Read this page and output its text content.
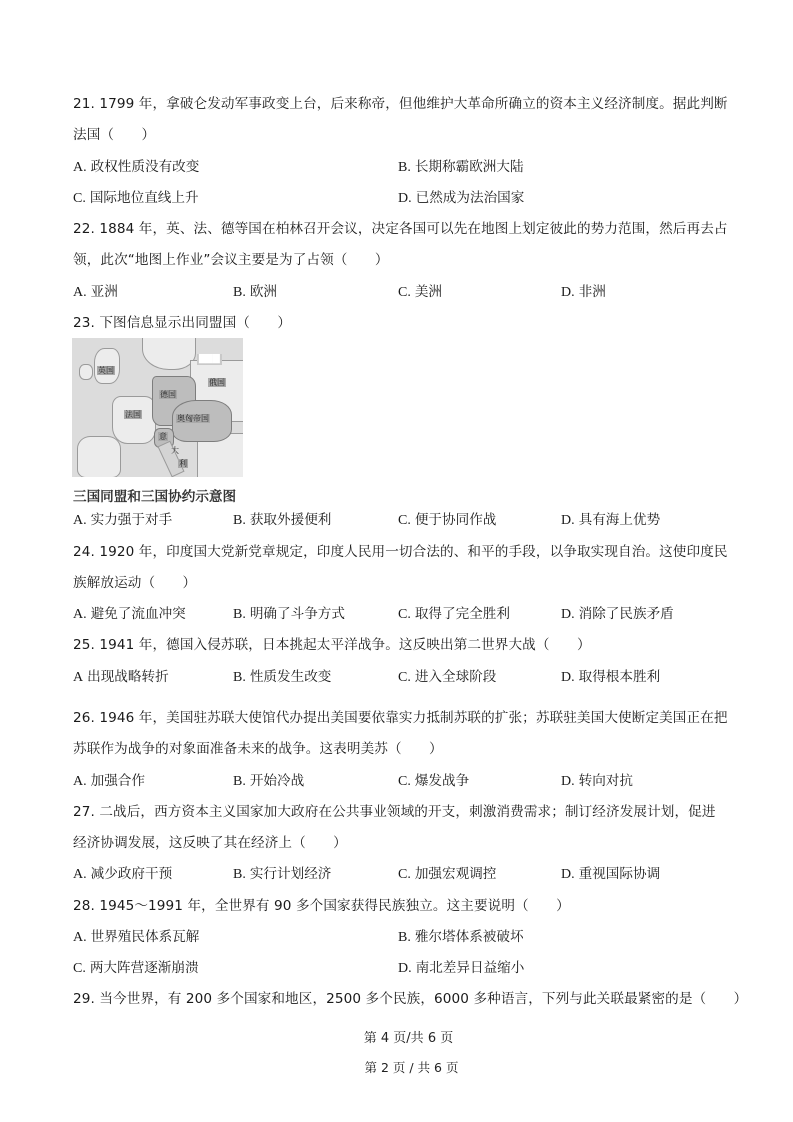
21. 1799 年，拿破仑发动军事政变上台，后来称帝，但他维护大革命所确立的资本主义经济制度。据此判断
法国（　　）
A. 政权性质没有改变	B. 长期称霸欧洲大陆
C. 国际地位直线上升	D. 已然成为法治国家
22. 1884 年，英、法、德等国在柏林召开会议，决定各国可以先在地图上划定彼此的势力范围，然后再去占
领，此次“地图上作业”会议主要是为了占领（　　）
A. 亚洲	B. 欧洲	C. 美洲	D. 非洲
23. 下图信息显示出同盟国（　　）
▇▇▇
英国
法国
德国
奥匈帝国
俄国
意
大
利
三国同盟和三国协约示意图
A. 实力强于对手	B. 获取外援便利	C. 便于协同作战	D. 具有海上优势
24. 1920 年，印度国大党新党章规定，印度人民用一切合法的、和平的手段，以争取实现自治。这使印度民
族解放运动（　　）
A. 避免了流血冲突	B. 明确了斗争方式	C. 取得了完全胜利	D. 消除了民族矛盾
25. 1941 年，德国入侵苏联，日本挑起太平洋战争。这反映出第二世界大战（　　）
A 出现战略转折	B. 性质发生改变	C. 进入全球阶段	D. 取得根本胜利
26. 1946 年，美国驻苏联大使馆代办提出美国要依靠实力抵制苏联的扩张；苏联驻美国大使断定美国正在把
苏联作为战争的对象面准备未来的战争。这表明美苏（　　）
A. 加强合作	B. 开始冷战	C. 爆发战争	D. 转向对抗
27. 二战后，西方资本主义国家加大政府在公共事业领域的开支，刺激消费需求；制订经济发展计划，促进
经济协调发展，这反映了其在经济上（　　）
A. 减少政府干预	B. 实行计划经济	C. 加强宏观调控	D. 重视国际协调
28. 1945～1991 年，全世界有 90 多个国家获得民族独立。这主要说明（　　）
A. 世界殖民体系瓦解	B. 雅尔塔体系被破坏
C. 两大阵营逐渐崩溃	D. 南北差异日益缩小
29. 当今世界，有 200 多个国家和地区，2500 多个民族，6000 多种语言，下列与此关联最紧密的是（　　）
第 4 页/共 6 页
第 2 页 / 共 6 页
